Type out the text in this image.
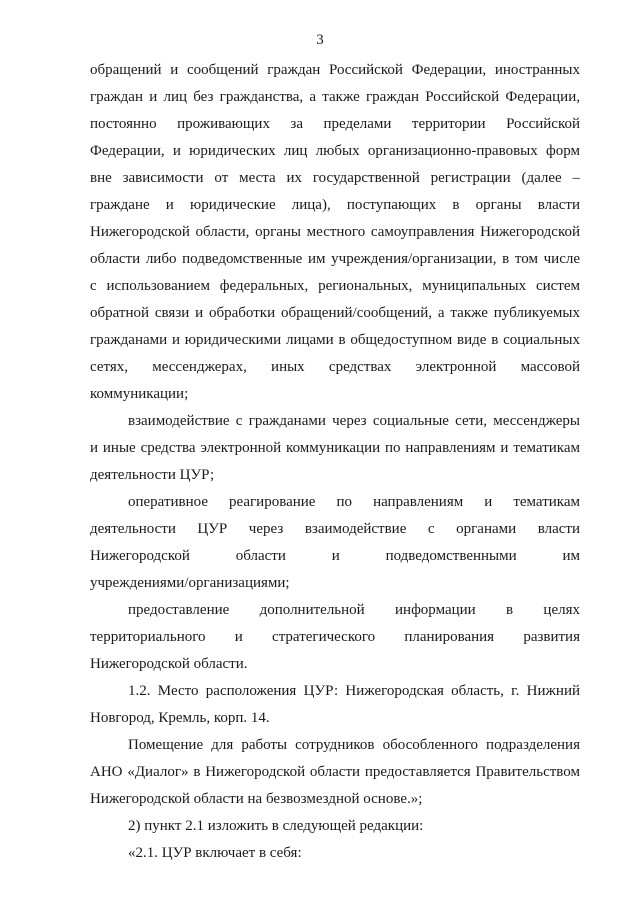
3

обращений и сообщений граждан Российской Федерации, иностранных
граждан и лиц без гражданства, а также граждан Российской Федерации,
постоянно проживающих за пределами территории Российской
Федерации, и юридических лиц любых организационно-правовых форм
вне зависимости от места их государственной регистрации (далее –
граждане и юридические лица), поступающих в органы власти
Нижегородской области, органы местного самоуправления Нижегородской
области либо подведомственные им учреждения/организации, в том числе
с использованием федеральных, региональных, муниципальных систем
обратной связи и обработки обращений/сообщений, а также публикуемых
гражданами и юридическими лицами в общедоступном виде в социальных
сетях, мессенджерах, иных средствах электронной массовой
коммуникации;

взаимодействие с гражданами через социальные сети, мессенджеры
и иные средства электронной коммуникации по направлениям и тематикам
деятельности ЦУР;

оперативное реагирование по направлениям и тематикам
деятельности ЦУР через взаимодействие с органами власти
Нижегородской области и подведомственными им
учреждениями/организациями;

предоставление дополнительной информации в целях
территориального и стратегического планирования развития
Нижегородской области.

1.2. Место расположения ЦУР: Нижегородская область, г. Нижний
Новгород, Кремль, корп. 14.

Помещение для работы сотрудников обособленного подразделения
АНО «Диалог» в Нижегородской области предоставляется Правительством
Нижегородской области на безвозмездной основе.»;

2) пункт 2.1 изложить в следующей редакции:

«2.1. ЦУР включает в себя:
